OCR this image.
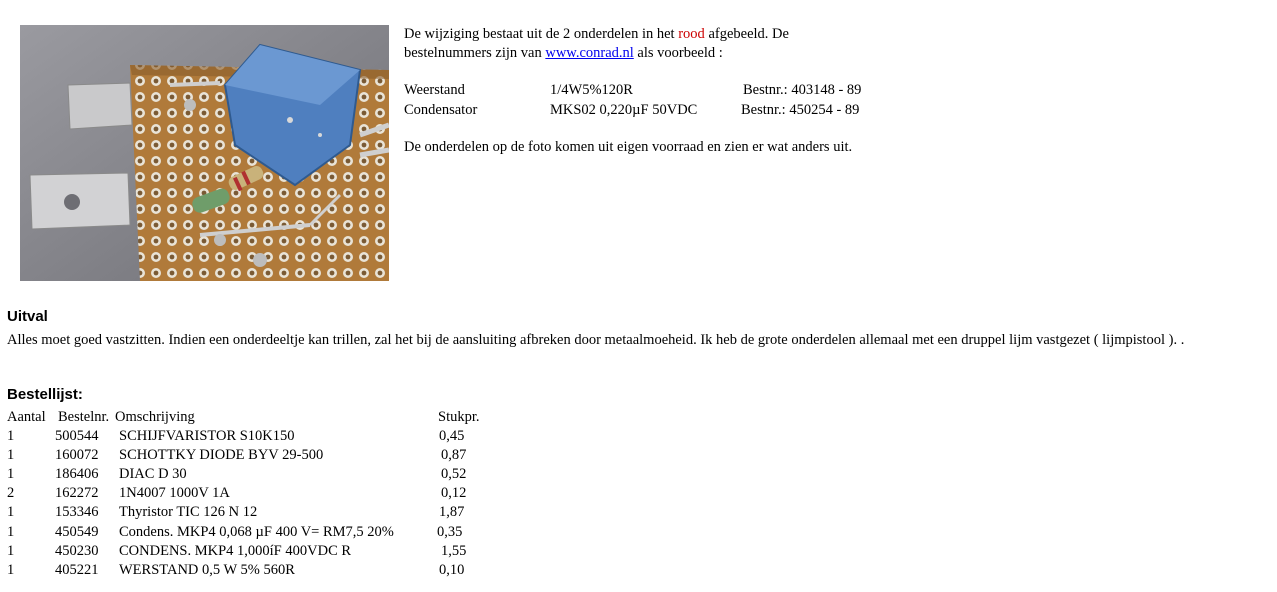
De wijziging bestaat uit de 2 onderdelen in het rood afgebeeld. De

bestelnummers zijn van www.conrad.nl als voorbeeld :

Weerstand	1/4W5%120R	Bestnr.: 403148 - 89
Condensator	MKS02 0,220µF 50VDC	Bestnr.: 450254 - 89
De onderdelen op de foto komen uit eigen voorraad en zien er wat anders uit.
Uitval
Alles moet goed vastzitten. Indien een onderdeeltje kan trillen, zal het bij de aansluiting afbreken door metaalmoeheid. Ik heb de grote onderdelen allemaal met een druppel lijm vastgezet ( lijmpistool ). .
Bestellijst:
Aantal Bestelnr. Omschrijving	Stukpr.
1	500544 SCHIJFVARISTOR S10K150	0,45
1	160072 SCHOTTKY DIODE BYV 29-500	0,87
1	186406 DIAC D 30	0,52
2	162272 1N4007 1000V 1A	0,12
1	153346 Thyristor TIC 126 N 12	1,87
1	450549 Condens. MKP4 0,068 µF 400 V= RM7,5 20%	0,35
1	450230 CONDENS. MKP4 1,000íF 400VDC R	1,55
1	405221 WERSTAND 0,5 W 5% 560R	0,10
